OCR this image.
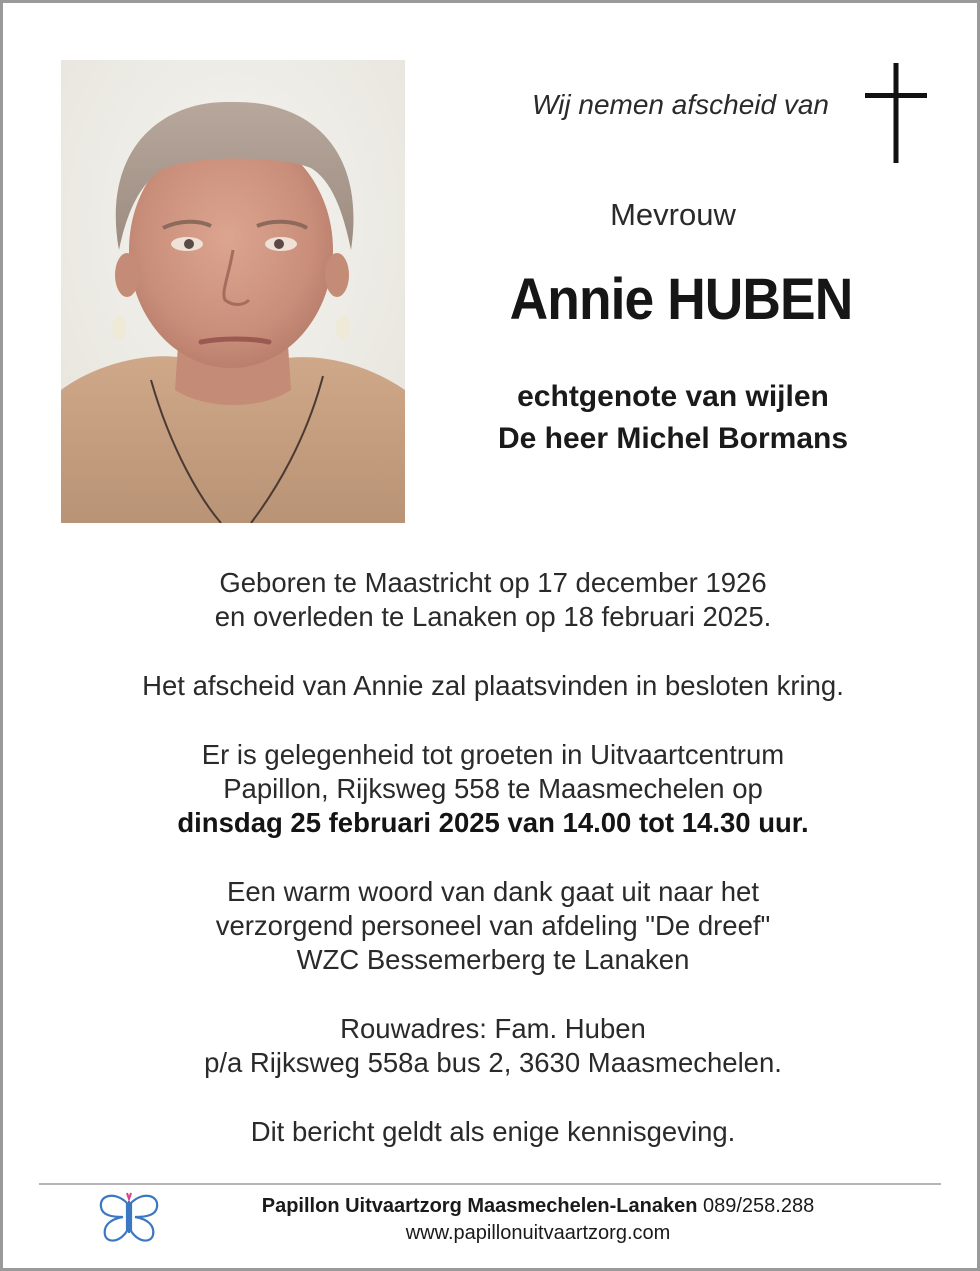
Wij nemen afscheid van
Mevrouw
Annie HUBEN
echtgenote van wijlen
De heer Michel Bormans

Geboren te Maastricht op 17 december 1926
en overleden te Lanaken op 18 februari 2025.

Het afscheid van Annie zal plaatsvinden in besloten kring.

Er is gelegenheid tot groeten in Uitvaartcentrum
Papillon, Rijksweg 558 te Maasmechelen op
dinsdag 25 februari 2025 van 14.00 tot 14.30 uur.

Een warm woord van dank gaat uit naar het
verzorgend personeel van afdeling "De dreef"
WZC Bessemerberg te Lanaken

Rouwadres: Fam. Huben
p/a Rijksweg 558a bus 2, 3630 Maasmechelen.

Dit bericht geldt als enige kennisgeving.

Papillon Uitvaartzorg Maasmechelen-Lanaken 089/258.288
www.papillonuitvaartzorg.com
